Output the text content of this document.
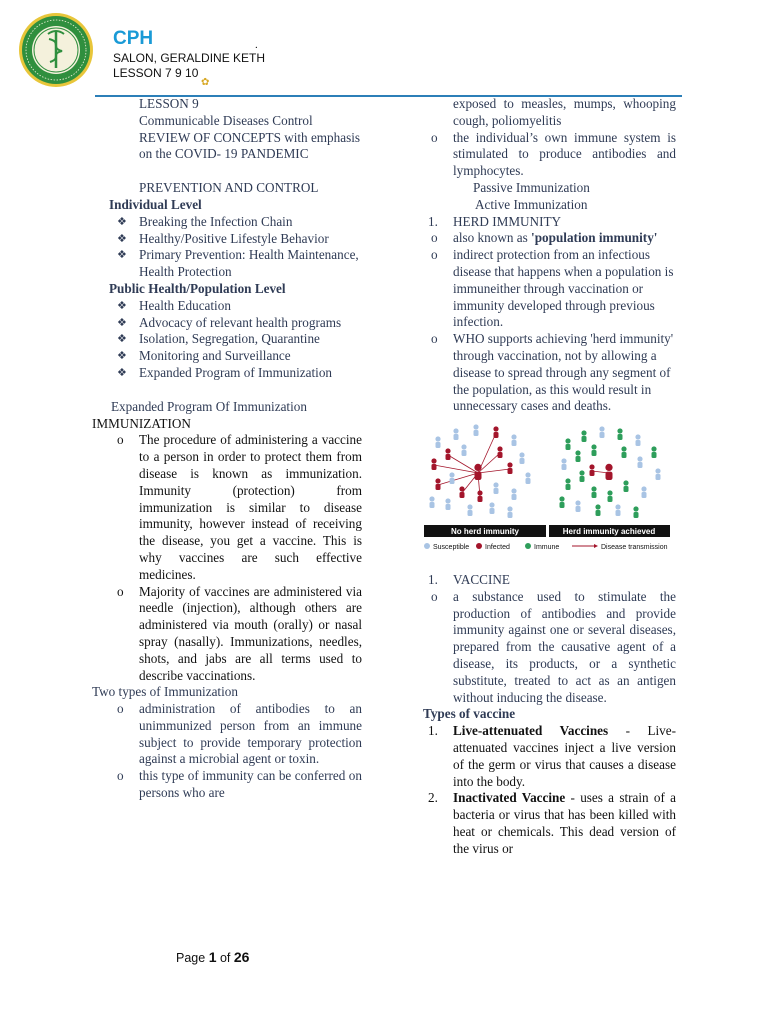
CPH	.
SALON, GERALDINE KETH
LESSON 7 9 10
✿

LESSON 9

Communicable Diseases Control REVIEW OF CONCEPTS with emphasis on the COVID- 19 PANDEMIC

PREVENTION AND CONTROL

Individual Level

❖ Breaking the Infection Chain
❖ Healthy/Positive Lifestyle Behavior
❖ Primary Prevention: Health Maintenance, Health Protection

Public Health/Population Level

❖ Health Education
❖ Advocacy of relevant health programs
❖ Isolation, Segregation, Quarantine
❖ Monitoring and Surveillance
❖ Expanded Program of Immunization

Expanded Program Of Immunization

IMMUNIZATION

o The procedure of administering a vaccine to a person in order to protect them from disease is known as immunization. Immunity (protection) from immunization is similar to disease immunity, however instead of receiving the disease, you get a vaccine. This is why vaccines are such effective medicines.
o Majority of vaccines are administered via needle (injection), although others are administered via mouth (orally) or nasal spray (nasally). Immunizations, needles, shots, and jabs are all terms used to describe vaccinations.

Two types of Immunization

o administration of antibodies to an unimmunized person from an immune subject to provide temporary protection against a microbial agent or toxin.
o this type of immunity can be conferred on persons who are
exposed to measles, mumps, whooping cough, poliomyelitis
o the individual’s own immune system is stimulated to produce antibodies and lymphocytes.

Passive Immunization

Active Immunization

1. HERD IMMUNITY
o also known as 'population immunity'
o indirect protection from an infectious disease that happens when a population is immuneither through vaccination or immunity developed through previous infection.
o WHO supports achieving 'herd immunity' through vaccination, not by allowing a disease to spread through any segment of the population, as this would result in unnecessary cases and deaths.
No herd immunity	Herd immunity achieved
Susceptible Infected	Immune	Disease transmission
1. VACCINE
o a substance used to stimulate the production of antibodies and provide immunity against one or several diseases, prepared from the causative agent of a disease, its products, or a synthetic substitute, treated to act as an antigen without inducing the disease.

Types of vaccine

1. Live-attenuated Vaccines - Live-attenuated vaccines inject a live version of the germ or virus that causes a disease into the body.
2. Inactivated Vaccine - uses a strain of a bacteria or virus that has been killed with heat or chemicals. This dead version of the virus or
Page 1 of 26
